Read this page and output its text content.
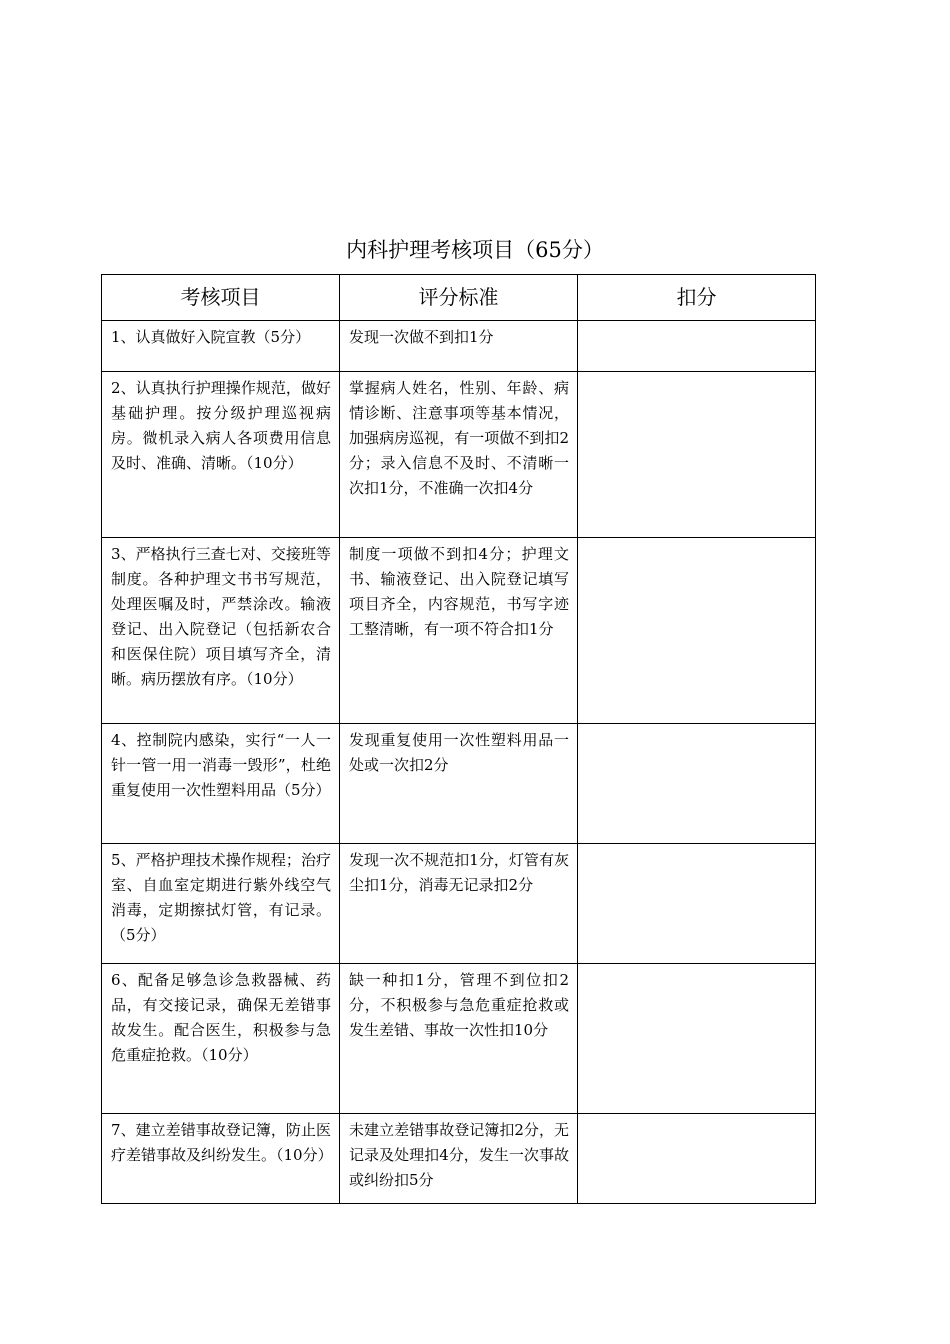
内科护理考核项目（65分）
考核项目	评分标准	扣分
1、认真做好入院宣教（5分）	发现一次做不到扣1分	
2、认真执行护理操作规范，做好基础护理。按分级护理巡视病房。微机录入病人各项费用信息及时、准确、清晰。（10分）	掌握病人姓名，性别、年龄、病情诊断、注意事项等基本情况，加强病房巡视，有一项做不到扣2分；录入信息不及时、不清晰一次扣1分，不准确一次扣4分	
3、严格执行三查七对、交接班等制度。各种护理文书书写规范，处理医嘱及时，严禁涂改。输液登记、出入院登记（包括新农合和医保住院）项目填写齐全，清晰。病历摆放有序。（10分）	制度一项做不到扣4分；护理文书、输液登记、出入院登记填写项目齐全，内容规范，书写字迹工整清晰，有一项不符合扣1分	
4、控制院内感染，实行“一人一针一管一用一消毒一毁形”，杜绝重复使用一次性塑料用品（5分）	发现重复使用一次性塑料用品一处或一次扣2分	
5、严格护理技术操作规程；治疗室、自血室定期进行紫外线空气消毒，定期擦拭灯管，有记录。（5分）	发现一次不规范扣1分，灯管有灰尘扣1分，消毒无记录扣2分	
6、配备足够急诊急救器械、药品，有交接记录，确保无差错事故发生。配合医生，积极参与急危重症抢救。（10分）	缺一种扣1分，管理不到位扣2分，不积极参与急危重症抢救或发生差错、事故一次性扣10分	
7、建立差错事故登记簿，防止医疗差错事故及纠纷发生。（10分）	未建立差错事故登记簿扣2分，无记录及处理扣4分，发生一次事故或纠纷扣5分	
